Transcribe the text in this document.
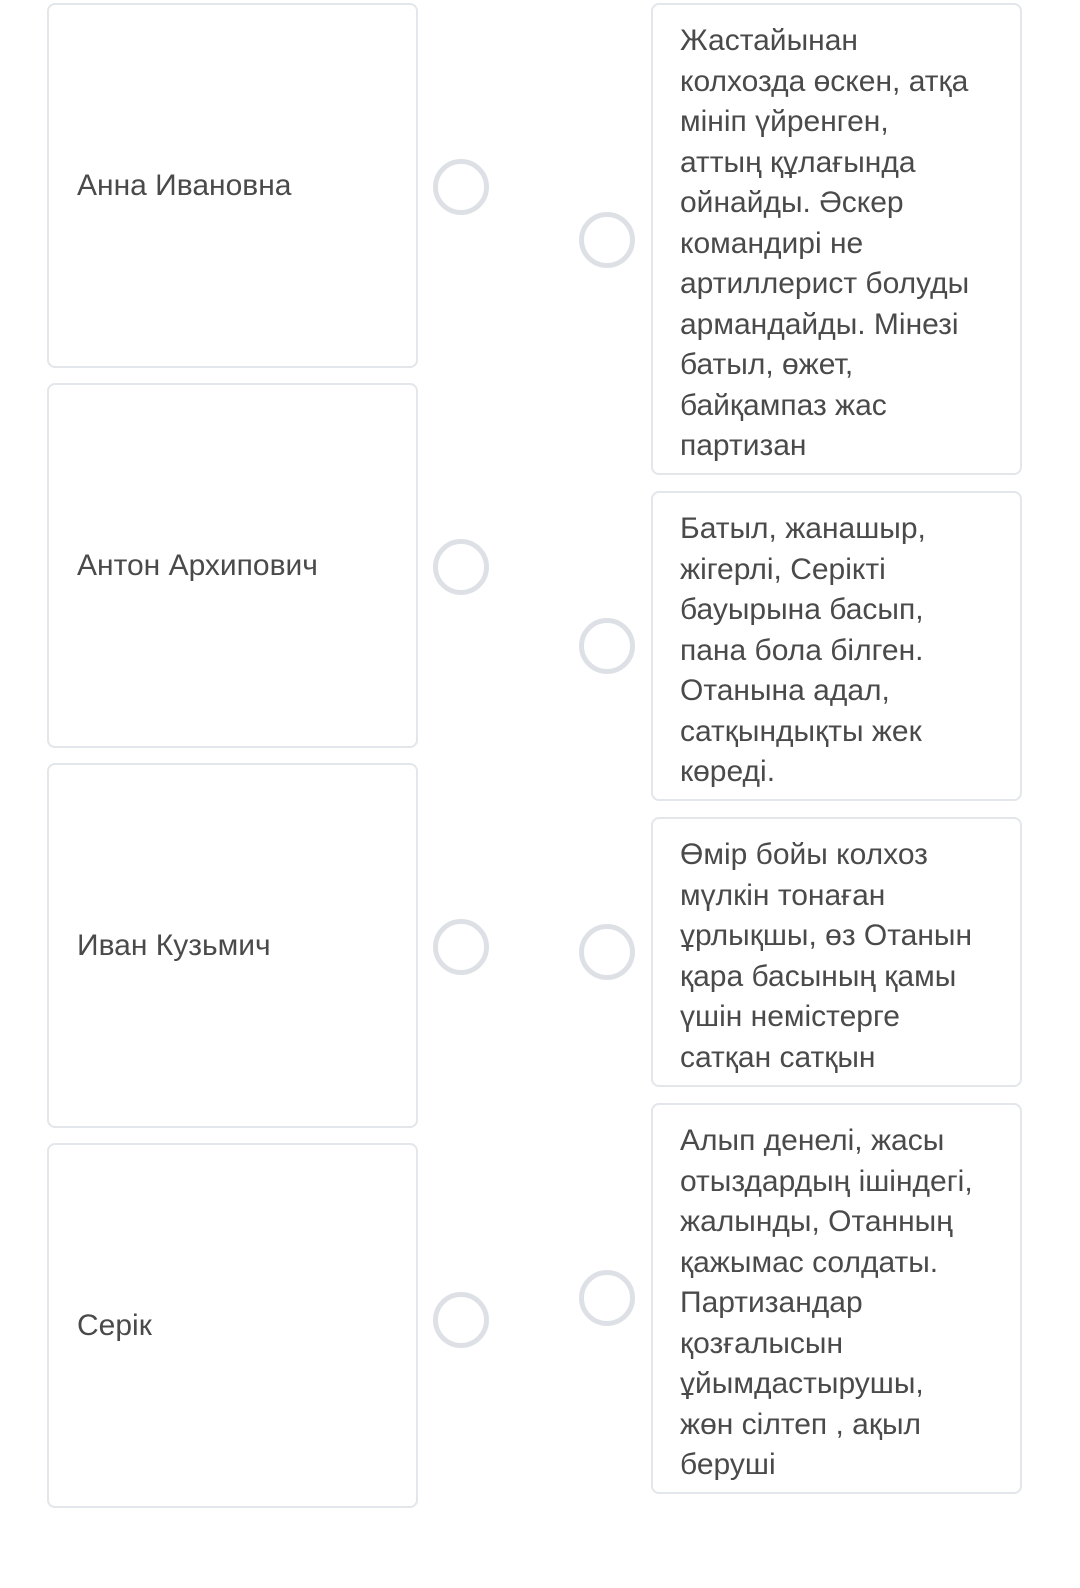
Анна Ивановна
Антон Архипович
Иван Кузьмич
Серік
Жастайынан
колхозда өскен, атқа
мініп үйренген,
аттың құлағында
ойнайды. Әскер
командирі не
артиллерист болуды
армандайды. Мінезі
батыл, өжет,
байқампаз жас
партизан
Батыл, жанашыр,
жігерлі, Серікті
бауырына басып,
пана бола білген.
Отанына адал,
сатқындықты жек
көреді.
Өмір бойы колхоз
мүлкін тонаған
ұрлықшы, өз Отанын
қара басының қамы
үшін немістерге
сатқан сатқын
Алып денелі, жасы
отыздардың ішіндегі,
жалынды, Отанның
қажымас солдаты.
Партизандар
қозғалысын
ұйымдастырушы,
жөн сілтеп , ақыл
беруші
